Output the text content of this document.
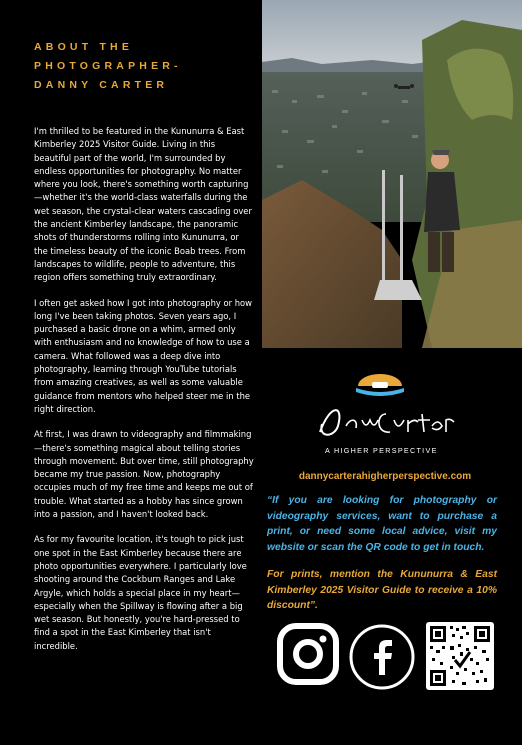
ABOUT THE
PHOTOGRAPHER-
DANNY CARTER

I'm thrilled to be featured in the Kununurra & East Kimberley 2025 Visitor Guide. Living in this beautiful part of the world, I'm surrounded by endless opportunities for photography. No matter where you look, there's something worth capturing—whether it's the world-class waterfalls during the wet season, the crystal-clear waters cascading over the ancient Kimberley landscape, the panoramic shots of thunderstorms rolling into Kununurra, or the timeless beauty of the iconic Boab trees. From landscapes to wildlife, people to adventure, this region offers something truly extraordinary.

I often get asked how I got into photography or how long I've been taking photos. Seven years ago, I purchased a basic drone on a whim, armed only with enthusiasm and no knowledge of how to use a camera. What followed was a deep dive into photography, learning through YouTube tutorials from amazing creatives, as well as some valuable guidance from mentors who helped steer me in the right direction.

At first, I was drawn to videography and filmmaking—there's something magical about telling stories through movement. But over time, still photography became my true passion. Now, photography occupies much of my free time and keeps me out of trouble. What started as a hobby has since grown into a passion, and I haven't looked back.

As for my favourite location, it's tough to pick just one spot in the East Kimberley because there are photo opportunities everywhere. I particularly love shooting around the Cockburn Ranges and Lake Argyle, which holds a special place in my heart—especially when the Spillway is flowing after a big wet season. But honestly, you're hard-pressed to find a spot in the East Kimberley that isn't incredible.

A HIGHER PERSPECTIVE
dannycarterahigherperspective.com

“If you are looking for photography or videography services, want to purchase a print, or need some local advice, visit my website or scan the QR code to get in touch.

For prints, mention the Kununurra & East Kimberley 2025 Visitor Guide to receive a 10% discount”.
